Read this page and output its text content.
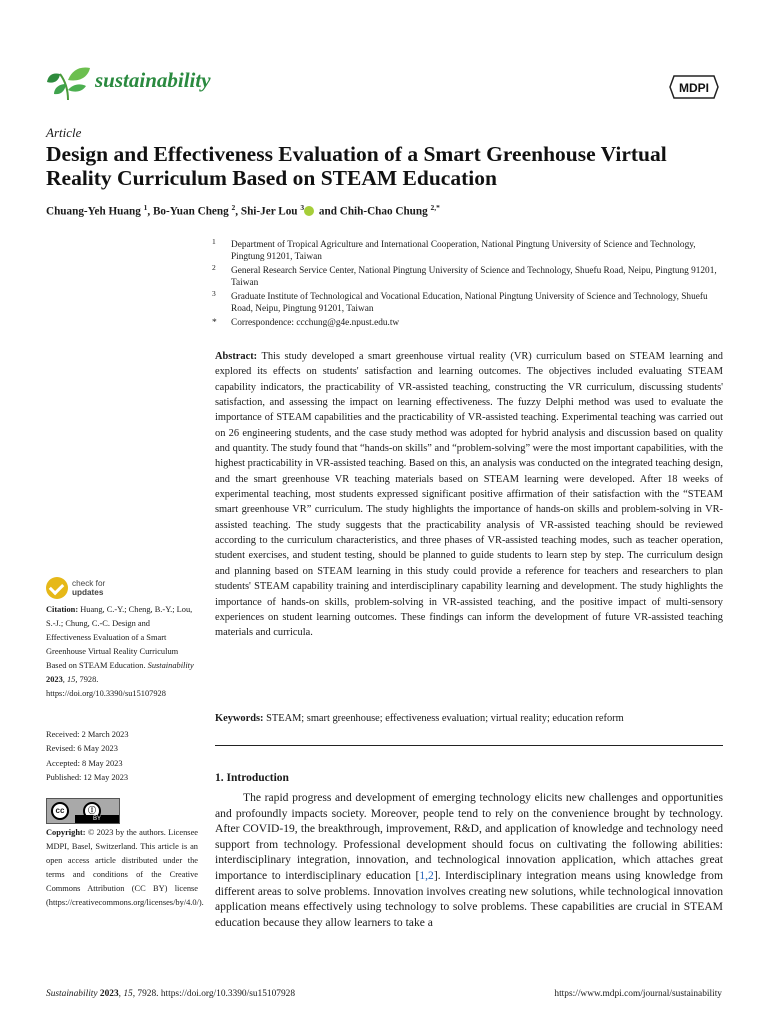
sustainability	MDPI
Article
Design and Effectiveness Evaluation of a Smart Greenhouse Virtual Reality Curriculum Based on STEAM Education
Chuang-Yeh Huang $^1$, Bo-Yuan Cheng $^2$, Shi-Jer Lou $^3$ and Chih-Chao Chung $^{2,*}$
1 Department of Tropical Agriculture and International Cooperation, National Pingtung University of Science and Technology, Pingtung 91201, Taiwan
2 General Research Service Center, National Pingtung University of Science and Technology, Shuefu Road, Neipu, Pingtung 91201, Taiwan
3 Graduate Institute of Technological and Vocational Education, National Pingtung University of Science and Technology, Shuefu Road, Neipu, Pingtung 91201, Taiwan
* Correspondence: ccchung@g4e.npust.edu.tw
Abstract: This study developed a smart greenhouse virtual reality (VR) curriculum based on STEAM learning and explored its effects on students' satisfaction and learning outcomes. The objectives included evaluating STEAM capability indicators, the practicability of VR-assisted teaching, constructing the VR curriculum, discussing students' satisfaction, and assessing the impact on learning effectiveness. The fuzzy Delphi method was used to evaluate the importance of STEAM capabilities and the practicability of VR-assisted teaching. Experimental teaching was carried out on 26 engineering students, and the case study method was adopted for hybrid analysis and discussion based on quality and quantity. The study found that “hands-on skills” and “problem-solving” were the most important capabilities, with the highest practicability in VR-assisted teaching. Based on this, an analysis was conducted on the integrated teaching design, and the smart greenhouse VR teaching materials based on STEAM learning were developed. After 18 weeks of experimental teaching, most students expressed significant positive affirmation of their satisfaction with the “STEAM smart greenhouse VR” curriculum. The study highlights the importance of hands-on skills and problem-solving in VR-assisted teaching. The study suggests that the practicability analysis of VR-assisted teaching should be reviewed according to the curriculum characteristics, and three phases of VR-assisted teaching modes, such as teacher operation, student exercises, and student testing, should be planned to guide students to learn step by step. The curriculum design and planning based on STEAM learning in this study could provide a reference for teachers and researchers to plan students' STEAM capability training and interdisciplinary capability learning and development. The study highlights the importance of hands-on skills, problem-solving in VR-assisted teaching, and the positive impact of multi-sensory experiences on student learning outcomes. These findings can inform the development of future VR-assisted teaching materials and curricula.
Keywords: STEAM; smart greenhouse; effectiveness evaluation; virtual reality; education reform
1. Introduction
The rapid progress and development of emerging technology elicits new challenges and opportunities and profoundly impacts society. Moreover, people tend to rely on the convenience brought by technology. After COVID-19, the breakthrough, improvement, R&D, and application of knowledge and technology need support from technology. Professional development should focus on cultivating the following abilities: interdisciplinary integration, innovation, and technological innovation application, which attaches great importance to interdisciplinary education [1,2]. Interdisciplinary integration means using knowledge from different areas to solve problems. Innovation involves creating new solutions, while technological innovation application means effectively using technology to solve problems. These capabilities are crucial in STEAM education because they allow learners to take a
check for
updates
Citation: Huang, C.-Y.; Cheng, B.-Y.; Lou, S.-J.; Chung, C.-C. Design and Effectiveness Evaluation of a Smart Greenhouse Virtual Reality Curriculum Based on STEAM Education. Sustainability 2023, 15, 7928. https://doi.org/10.3390/su15107928
Received: 2 March 2023
Revised: 6 May 2023
Accepted: 8 May 2023
Published: 12 May 2023
cc	Ⓘ
BY
Copyright: © 2023 by the authors. Licensee MDPI, Basel, Switzerland. This article is an open access article distributed under the terms and conditions of the Creative Commons Attribution (CC BY) license (https://creativecommons.org/licenses/by/4.0/).
Sustainability 2023, 15, 7928. https://doi.org/10.3390/su15107928	https://www.mdpi.com/journal/sustainability
